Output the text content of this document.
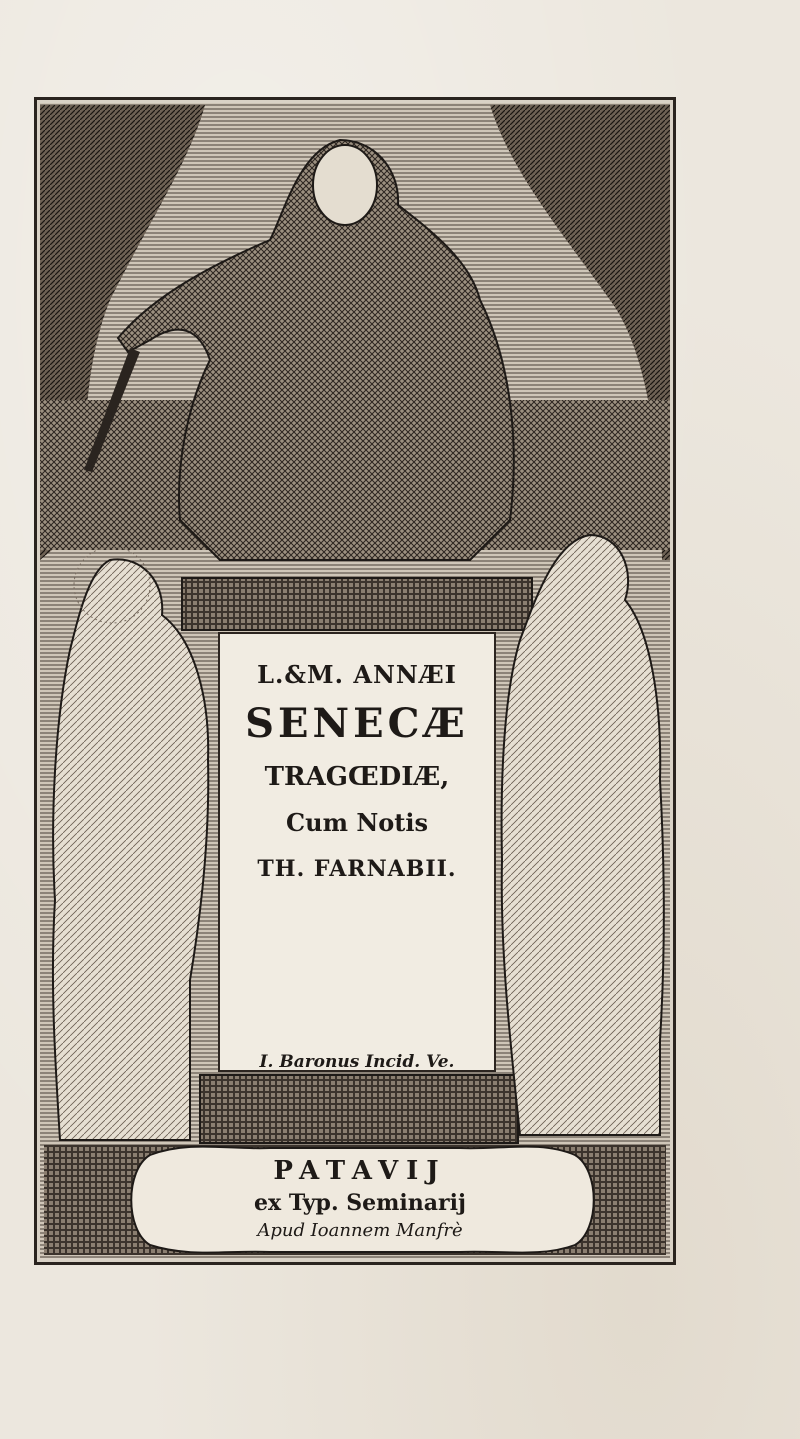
L.&M. ANNÆI
SENECÆ
TRAGŒDIÆ,
Cum Notis
TH. FARNABII.
I. Baronus Incid. Ve.
PATAVIJ
ex Typ. Seminarij
Apud Ioannem Manfrè
